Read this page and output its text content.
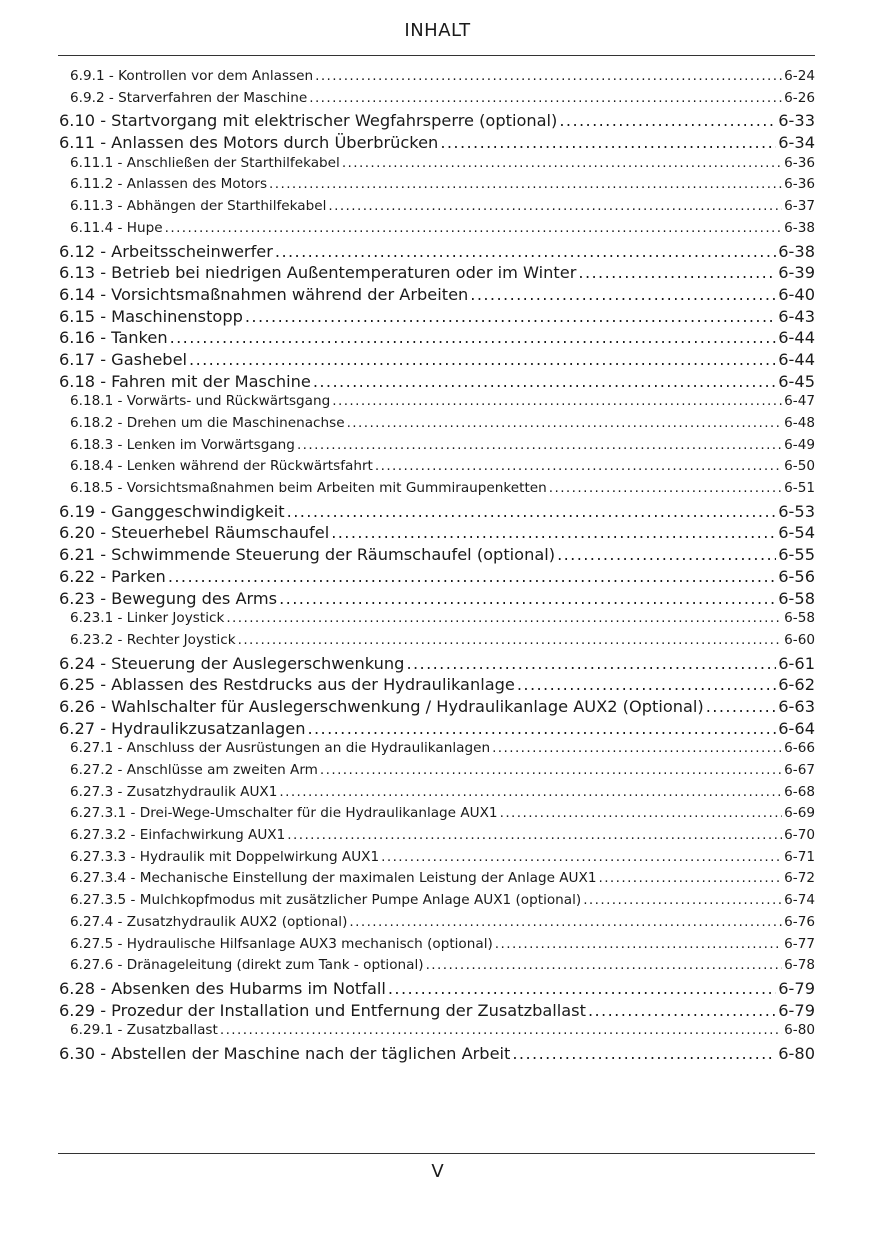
INHALT
6.9.1 - Kontrollen vor dem Anlassen .....	6-24
6.9.2 - Starverfahren der Maschine .....	6-26
6.10 - Startvorgang mit elektrischer Wegfahrsperre (optional) .....	6-33
6.11 - Anlassen des Motors durch Überbrücken .....	6-34
6.11.1 - Anschließen der Starthilfekabel .....	6-36
6.11.2 - Anlassen des Motors .....	6-36
6.11.3 - Abhängen der Starthilfekabel .....	6-37
6.11.4 - Hupe .....	6-38
6.12 - Arbeitsscheinwerfer .....	6-38
6.13 - Betrieb bei niedrigen Außentemperaturen oder im Winter .....	6-39
6.14 - Vorsichtsmaßnahmen während der Arbeiten .....	6-40
6.15 - Maschinenstopp .....	6-43
6.16 - Tanken .....	6-44
6.17 - Gashebel .....	6-44
6.18 - Fahren mit der Maschine .....	6-45
6.18.1 - Vorwärts- und Rückwärtsgang .....	6-47
6.18.2 - Drehen um die Maschinenachse .....	6-48
6.18.3 - Lenken im Vorwärtsgang .....	6-49
6.18.4 - Lenken während der Rückwärtsfahrt .....	6-50
6.18.5 - Vorsichtsmaßnahmen beim Arbeiten mit Gummiraupenketten .....	6-51
6.19 - Ganggeschwindigkeit .....	6-53
6.20 - Steuerhebel Räumschaufel .....	6-54
6.21 - Schwimmende Steuerung der Räumschaufel (optional) .....	6-55
6.22 - Parken .....	6-56
6.23 - Bewegung des Arms .....	6-58
6.23.1 - Linker Joystick .....	6-58
6.23.2 - Rechter Joystick .....	6-60
6.24 - Steuerung der Auslegerschwenkung .....	6-61
6.25 - Ablassen des Restdrucks aus der Hydraulikanlage .....	6-62
6.26 - Wahlschalter für Auslegerschwenkung / Hydraulikanlage AUX2 (Optional) .....	6-63
6.27 - Hydraulikzusatzanlagen .....	6-64
6.27.1 - Anschluss der Ausrüstungen an die Hydraulikanlagen .....	6-66
6.27.2 - Anschlüsse am zweiten Arm .....	6-67
6.27.3 - Zusatzhydraulik AUX1 .....	6-68
6.27.3.1 - Drei-Wege-Umschalter für die Hydraulikanlage AUX1 .....	6-69
6.27.3.2 - Einfachwirkung AUX1 .....	6-70
6.27.3.3 - Hydraulik mit Doppelwirkung AUX1 .....	6-71
6.27.3.4 - Mechanische Einstellung der maximalen Leistung der Anlage AUX1 .....	6-72
6.27.3.5 - Mulchkopfmodus mit zusätzlicher Pumpe Anlage AUX1 (optional) .....	6-74
6.27.4 - Zusatzhydraulik AUX2 (optional) .....	6-76
6.27.5 - Hydraulische Hilfsanlage AUX3 mechanisch (optional) .....	6-77
6.27.6 - Dränageleitung (direkt zum Tank - optional) .....	6-78
6.28 - Absenken des Hubarms im Notfall .....	6-79
6.29 - Prozedur der Installation und Entfernung der Zusatzballast .....	6-79
6.29.1 - Zusatzballast .....	6-80
6.30 - Abstellen der Maschine nach der täglichen Arbeit .....	6-80
V
